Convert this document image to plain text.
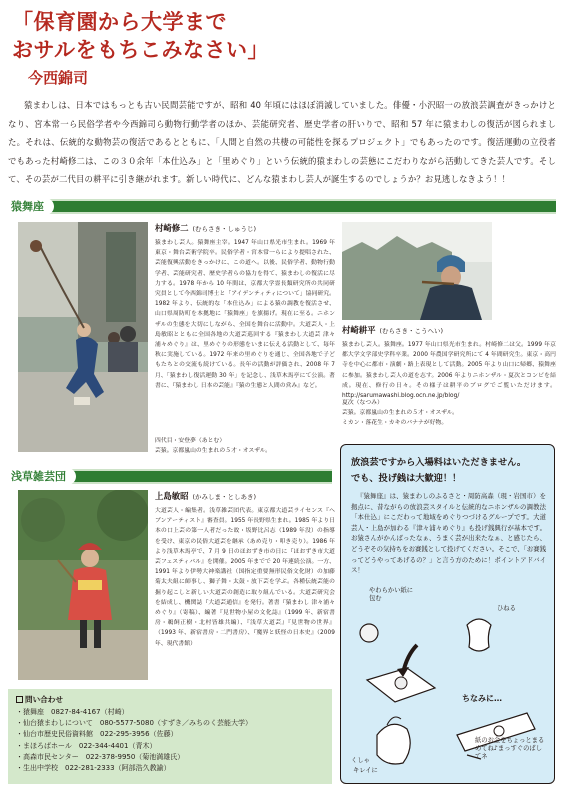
「保育園から大学まで
おサルをもちこみなさい」
今西錦司

猿まわしは、日本ではもっとも古い民間芸能ですが、昭和 40 年頃にはほぼ消滅していました。俳優・小沢昭一の放浪芸調査がきっかけとなり、宮本常一ら民俗学者や今西錦司ら動物行動学者のほか、芸能研究者、歴史学者の肝いりで、昭和 57 年に猿まわしの復活が図られました。それは、伝統的な動物芸の復活であるとともに、「人間と自然の共棲の可能性を探るプロジェクト」でもあったのです。復活運動の立役者でもあった村崎修二は、この３０余年「本仕込み」と「里めぐり」という伝統的猿まわしの芸態にこだわりながら活動してきた芸人です。そして、その芸が二代目の耕平に引き継がれます。新しい時代に、どんな猿まわし芸人が誕生するのでしょうか？お見逃しなきよう！！

猿舞座
村崎修二 (むらさき・しゅうじ)

猿まわし芸人。猿舞座主宰。1947 年山口県光市生まれ。1969 年東京・舞台芸術学院卒。民俗学者・宮本常一らにより提唱された、芸能復興活動をきっかけに、この道へ。以後、民俗学者、動物行動学者、芸能研究者、歴史学者らの協力を得て、猿まわしの復活に尽力する。1978 年から 10 年間は、京都大学霊長類研究所の共同研究員として今西錦司博士と「アイデンティティについて」協同研究。1982 年より、伝統的な「本仕込み」による猿の調教を復活させ、山口県周防町を本拠地に「猿舞座」を旗揚げ。現在に至る。ニホンザルの生態を大切にしながら、全国を舞台に活動中。大道芸人・上島敏昭とともに全国各地の大道芸巡回する『猿まわし大道芸 津々浦々めぐり』は、里めぐりの形態をいまに伝える活動として、毎年秋に実施している。1972 年来の里めぐりを通じ、全国各地で子どもたちとの交流も続けている。長年の活動が評価され、2008 年 7 月、「猿まわし復活運動 30 年」を記念し、浅草木馬亭にて公演。著書に、『猿まわし 日本の芸能』『猿の生態と人間の営み』など。

四代目・安登夢（あとむ）
芸猿。京都嵐山の生まれの５才・オスザル。

村崎耕平 (むらさき・こうへい)

猿まわし芸人。猿舞座。1977 年山口県光市生まれ。村崎修二は父。1999 年京都大学文学部史学科卒業。2000 年農国学研究所にて 4 年間研究生。東京・高円寺を中心に都市・演劇・路上表現として活動。2005 年より山口に帰郷、猿舞座に参加。猿まわし芸人の道を志す。2006 年よりニホンザル・夏次とコンビを結成。現在、修行の日々。その様子は耕平のブログでご覧いただけます。http://sarumawashi.blog.ocn.ne.jp/blog/

夏次（なつみ）
芸猿。京都嵐山の生まれの５才・オスザル。
ミカン・落花生・カキのバナナが好物。

浅草雑芸団
上島敏昭 (かみしま・としあき)

大道芸人・編集者。浅草雑芸団代表。東京都大道芸ライセンス『ヘブンアーティスト』審査員。1955 年長野県生まれ。1985 年より日本の口上芸の第一人者だった故・坂野比呂志（1989 年没）の指導を受け、東京の民俗大道芸を継承（あめ売り・叩き売り）。1986 年より浅草木馬亭で、7 月 9 日のほおずき市の日に『ほおずき市大道芸フェスティバル』を開催。2005 年までで 20 年連続公演。一方、1991 年より伊勢大神楽講社（国指定重要無形民俗文化財）の加藤菊太夫組に師事し、獅子舞・太鼓・放下芸を学ぶ。各種伝統芸能の掘り起こしと新しい大道芸の創造に取り組んでいる。大道芸研究会を結成し、機関誌『大道芸通信』を発行。著書『猿まわし 津々浦々めぐり』（寄稿）、編著『見世物小屋の文化誌』（1999 年、新宿書房・鵜飼正樹・北村皆雄共編）、『浅草大道芸』『見世物の世界』（1993 年、新宿書房・二門書房）、『魔界と妖怪の日本史』（2009 年、現代書館）

問い合わせ
・猿舞座　0827-84-4167（村崎）
・仙台猿まわしについて　080-5577-5080（すずき／みちのく芸能大学）
・仙台市歴史民俗資料館　022-295-3956（佐藤）
・まほろばホール　022-344-4401（青木）
・高森市民センター　022-378-9950（菊池満雄氏）
・生出中学校　022-281-2333（阿部浩久教諭）
放浪芸ですから入場料はいただきません。
でも、投げ銭は大歓迎！！

『猿舞座』は、猿まわしのふるさと・周防高森（現・岩国市）を拠点に、昔ながらの放浪芸スタイルと伝統的なニホンザルの調教法「本仕込」にこだわって地域をめぐりつづけるグループです。大道芸人・上島が加わる『津々浦々めぐり』も投げ銭興行が基本です。お猿さんがかんばったなぁ、うまく芸が出来たなぁ、と感じたら、どうぞその気持ちをお賽銭として投げてください。そこで、「お賽銭ってどうやってあげるの？」と言う方のために！ポイントアドバイス！

やわらかい紙に包む
ひねる
ちなみに…
紙のお金をちょっとまるめてね♪まっすぐのばしてネ
くしゃ
キレイに
